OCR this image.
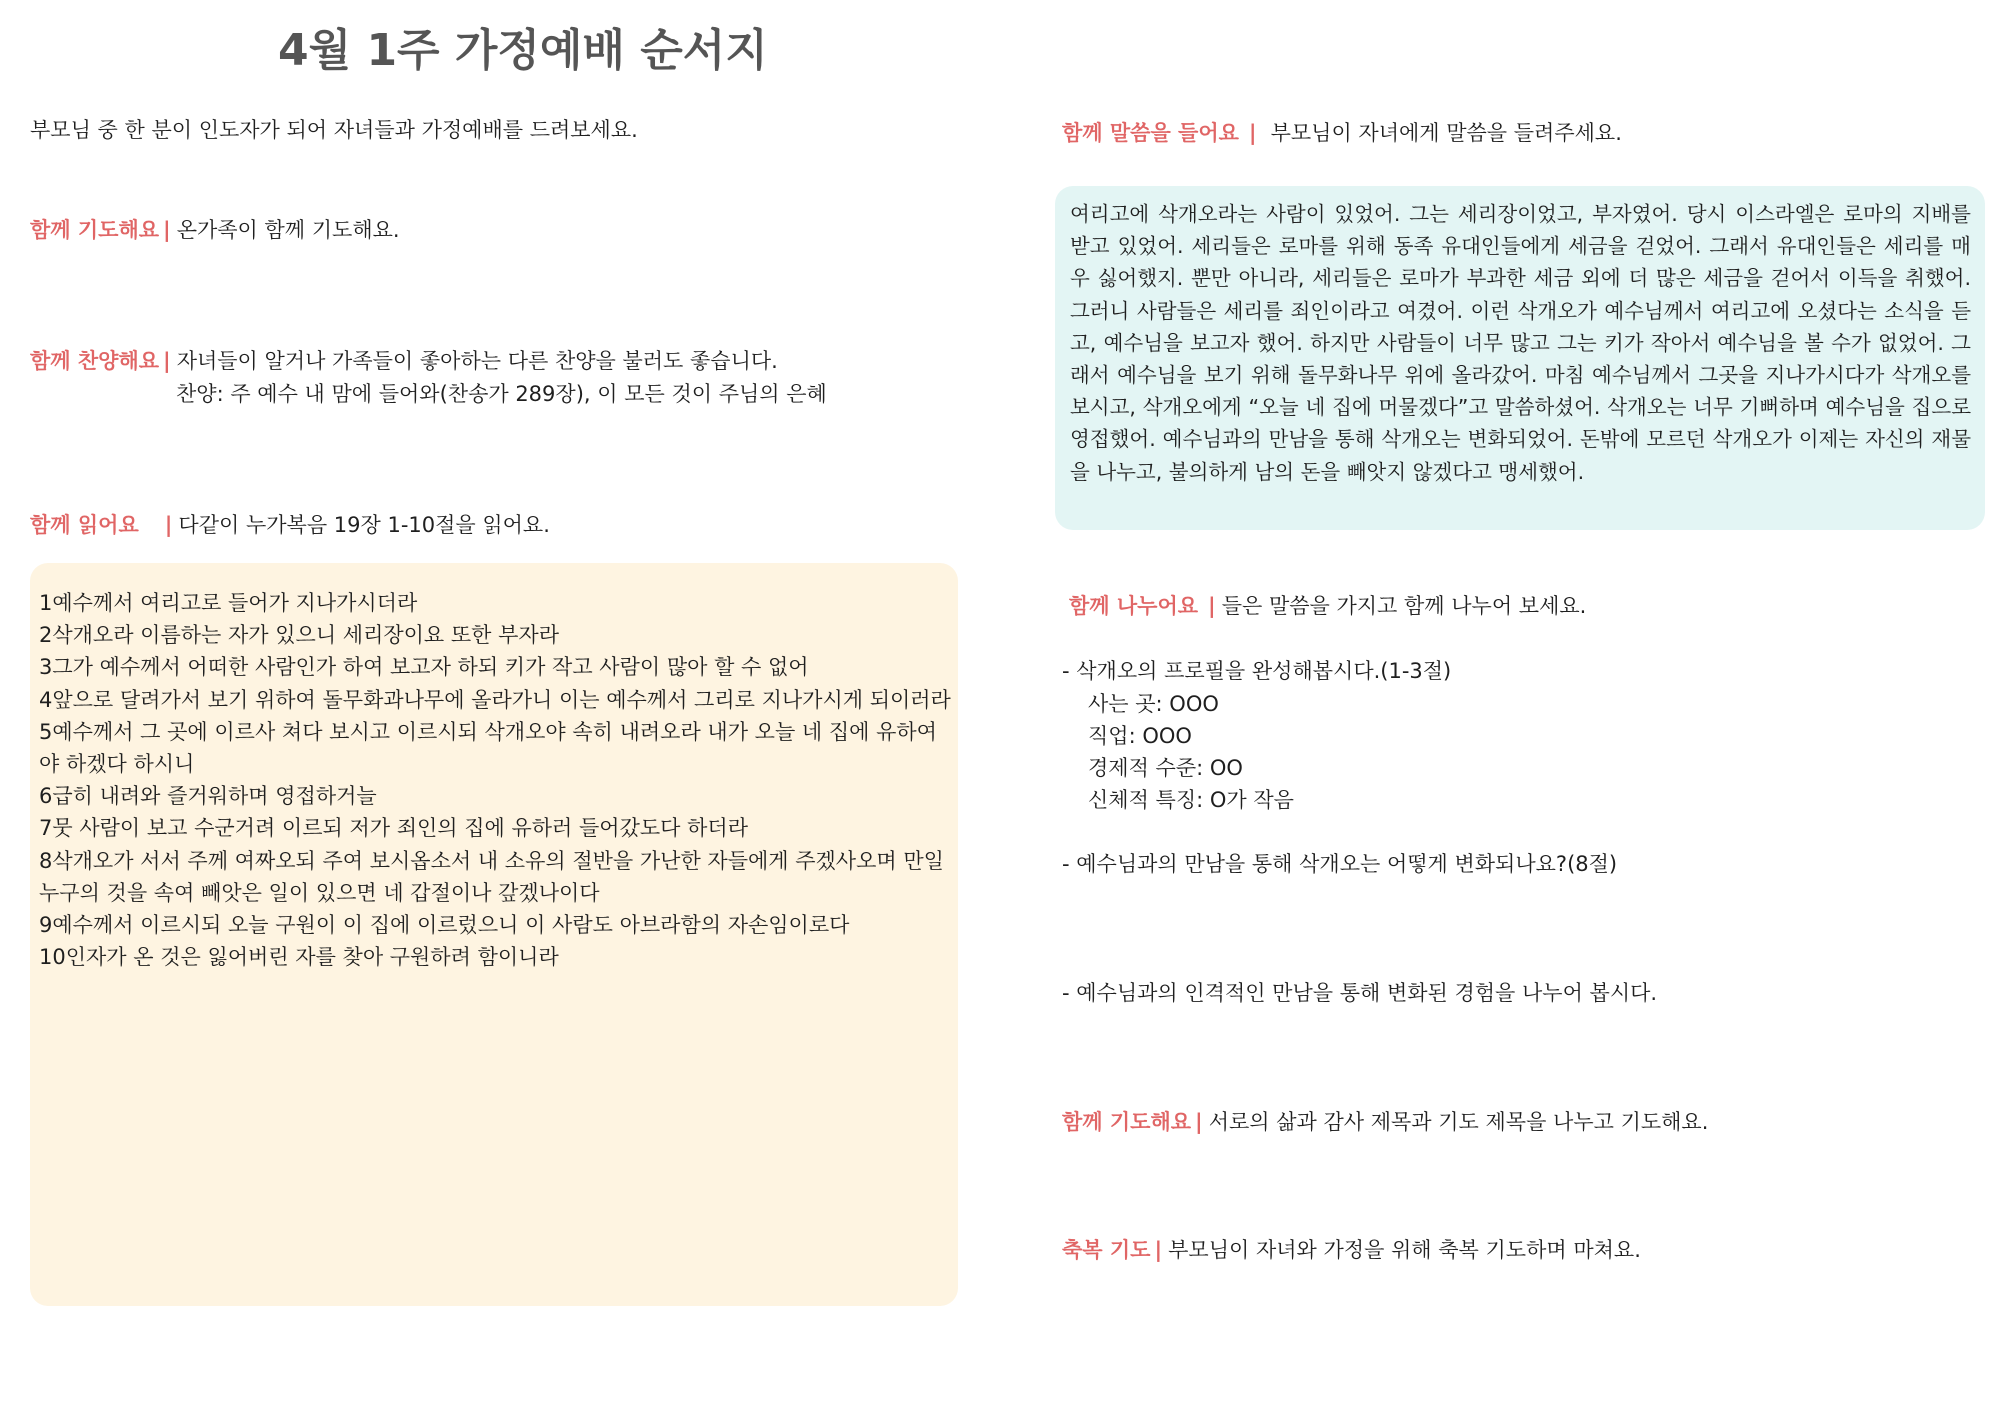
4월 1주 가정예배 순서지
부모님 중 한 분이 인도자가 되어 자녀들과 가정예배를 드려보세요.
함께 기도해요 | 온가족이 함께 기도해요.
함께 찬양해요 | 자녀들이 알거나 가족들이 좋아하는 다른 찬양을 불러도 좋습니다.
찬양: 주 예수 내 맘에 들어와(찬송가 289장), 이 모든 것이 주님의 은혜
함께 읽어요 | 다같이 누가복음 19장 1-10절을 읽어요.

1예수께서 여리고로 들어가 지나가시더라

2삭개오라 이름하는 자가 있으니 세리장이요 또한 부자라

3그가 예수께서 어떠한 사람인가 하여 보고자 하되 키가 작고 사람이 많아 할 수 없어

4앞으로 달려가서 보기 위하여 돌무화과나무에 올라가니 이는 예수께서 그리로 지나가시게 되이러라

5예수께서 그 곳에 이르사 쳐다 보시고 이르시되 삭개오야 속히 내려오라 내가 오늘 네 집에 유하여야 하겠다 하시니

6급히 내려와 즐거워하며 영접하거늘

7뭇 사람이 보고 수군거려 이르되 저가 죄인의 집에 유하러 들어갔도다 하더라

8삭개오가 서서 주께 여짜오되 주여 보시옵소서 내 소유의 절반을 가난한 자들에게 주겠사오며 만일 누구의 것을 속여 빼앗은 일이 있으면 네 갑절이나 갚겠나이다

9예수께서 이르시되 오늘 구원이 이 집에 이르렀으니 이 사람도 아브라함의 자손임이로다

10인자가 온 것은 잃어버린 자를 찾아 구원하려 함이니라

함께 말씀을 들어요 | 부모님이 자녀에게 말씀을 들려주세요.

여리고에 삭개오라는 사람이 있었어. 그는 세리장이었고, 부자였어. 당시 이스라엘은 로마의 지배를 받고 있었어. 세리들은 로마를 위해 동족 유대인들에게 세금을 걷었어. 그래서 유대인들은 세리를 매우 싫어했지. 뿐만 아니라, 세리들은 로마가 부과한 세금 외에 더 많은 세금을 걷어서 이득을 취했어. 그러니 사람들은 세리를 죄인이라고 여겼어. 이런 삭개오가 예수님께서 여리고에 오셨다는 소식을 듣고, 예수님을 보고자 했어. 하지만 사람들이 너무 많고 그는 키가 작아서 예수님을 볼 수가 없었어. 그래서 예수님을 보기 위해 돌무화나무 위에 올라갔어. 마침 예수님께서 그곳을 지나가시다가 삭개오를 보시고, 삭개오에게 “오늘 네 집에 머물겠다”고 말씀하셨어. 삭개오는 너무 기뻐하며 예수님을 집으로 영접했어. 예수님과의 만남을 통해 삭개오는 변화되었어. 돈밖에 모르던 삭개오가 이제는 자신의 재물을 나누고, 불의하게 남의 돈을 빼앗지 않겠다고 맹세했어.

함께 나누어요 | 들은 말씀을 가지고 함께 나누어 보세요.
- 삭개오의 프로필을 완성해봅시다.(1-3절)
사는 곳: OOO
직업: OOO
경제적 수준: OO
신체적 특징: O가 작음
- 예수님과의 만남을 통해 삭개오는 어떻게 변화되나요?(8절)
- 예수님과의 인격적인 만남을 통해 변화된 경험을 나누어 봅시다.
함께 기도해요 | 서로의 삶과 감사 제목과 기도 제목을 나누고 기도해요.
축복 기도 | 부모님이 자녀와 가정을 위해 축복 기도하며 마쳐요.
